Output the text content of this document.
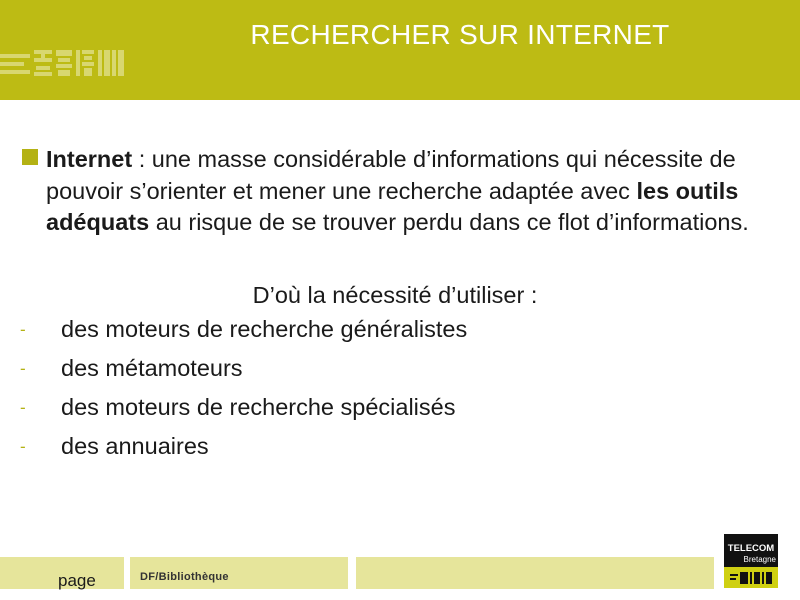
RECHERCHER SUR INTERNET
Internet : une masse considérable d’informations qui nécessite de pouvoir s’orienter et mener une recherche adaptée avec les outils adéquats au risque de se trouver perdu dans ce flot d’informations.
D’où la nécessité d’utiliser :
- des moteurs de recherche généralistes
- des métamoteurs
- des moteurs de recherche spécialisés
- des annuaires
page	DF/Bibliothèque
TELECOM
Bretagne
